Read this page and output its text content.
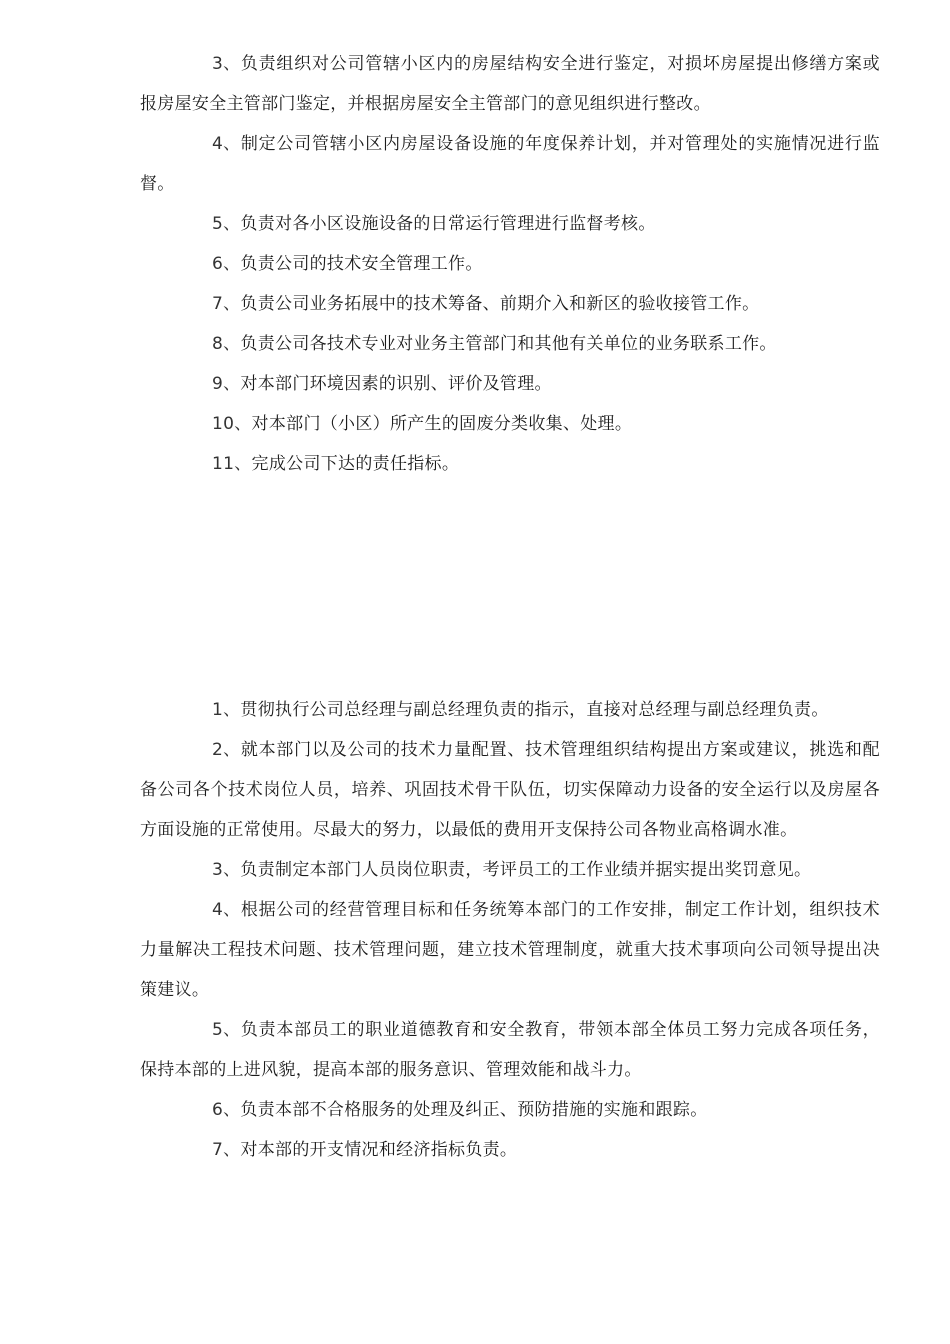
3、负责组织对公司管辖小区内的房屋结构安全进行鉴定，对损坏房屋提出修缮方案或报房屋安全主管部门鉴定，并根据房屋安全主管部门的意见组织进行整改。

4、制定公司管辖小区内房屋设备设施的年度保养计划，并对管理处的实施情况进行监督。

5、负责对各小区设施设备的日常运行管理进行监督考核。

6、负责公司的技术安全管理工作。

7、负责公司业务拓展中的技术筹备、前期介入和新区的验收接管工作。

8、负责公司各技术专业对业务主管部门和其他有关单位的业务联系工作。

9、对本部门环境因素的识别、评价及管理。

10、对本部门（小区）所产生的固废分类收集、处理。

11、完成公司下达的责任指标。

1、贯彻执行公司总经理与副总经理负责的指示，直接对总经理与副总经理负责。

2、就本部门以及公司的技术力量配置、技术管理组织结构提出方案或建议，挑选和配备公司各个技术岗位人员，培养、巩固技术骨干队伍，切实保障动力设备的安全运行以及房屋各方面设施的正常使用。尽最大的努力，以最低的费用开支保持公司各物业高格调水准。

3、负责制定本部门人员岗位职责，考评员工的工作业绩并据实提出奖罚意见。

4、根据公司的经营管理目标和任务统筹本部门的工作安排，制定工作计划，组织技术力量解决工程技术问题、技术管理问题，建立技术管理制度，就重大技术事项向公司领导提出决策建议。

5、负责本部员工的职业道德教育和安全教育，带领本部全体员工努力完成各项任务，保持本部的上进风貌，提高本部的服务意识、管理效能和战斗力。

6、负责本部不合格服务的处理及纠正、预防措施的实施和跟踪。

7、对本部的开支情况和经济指标负责。
